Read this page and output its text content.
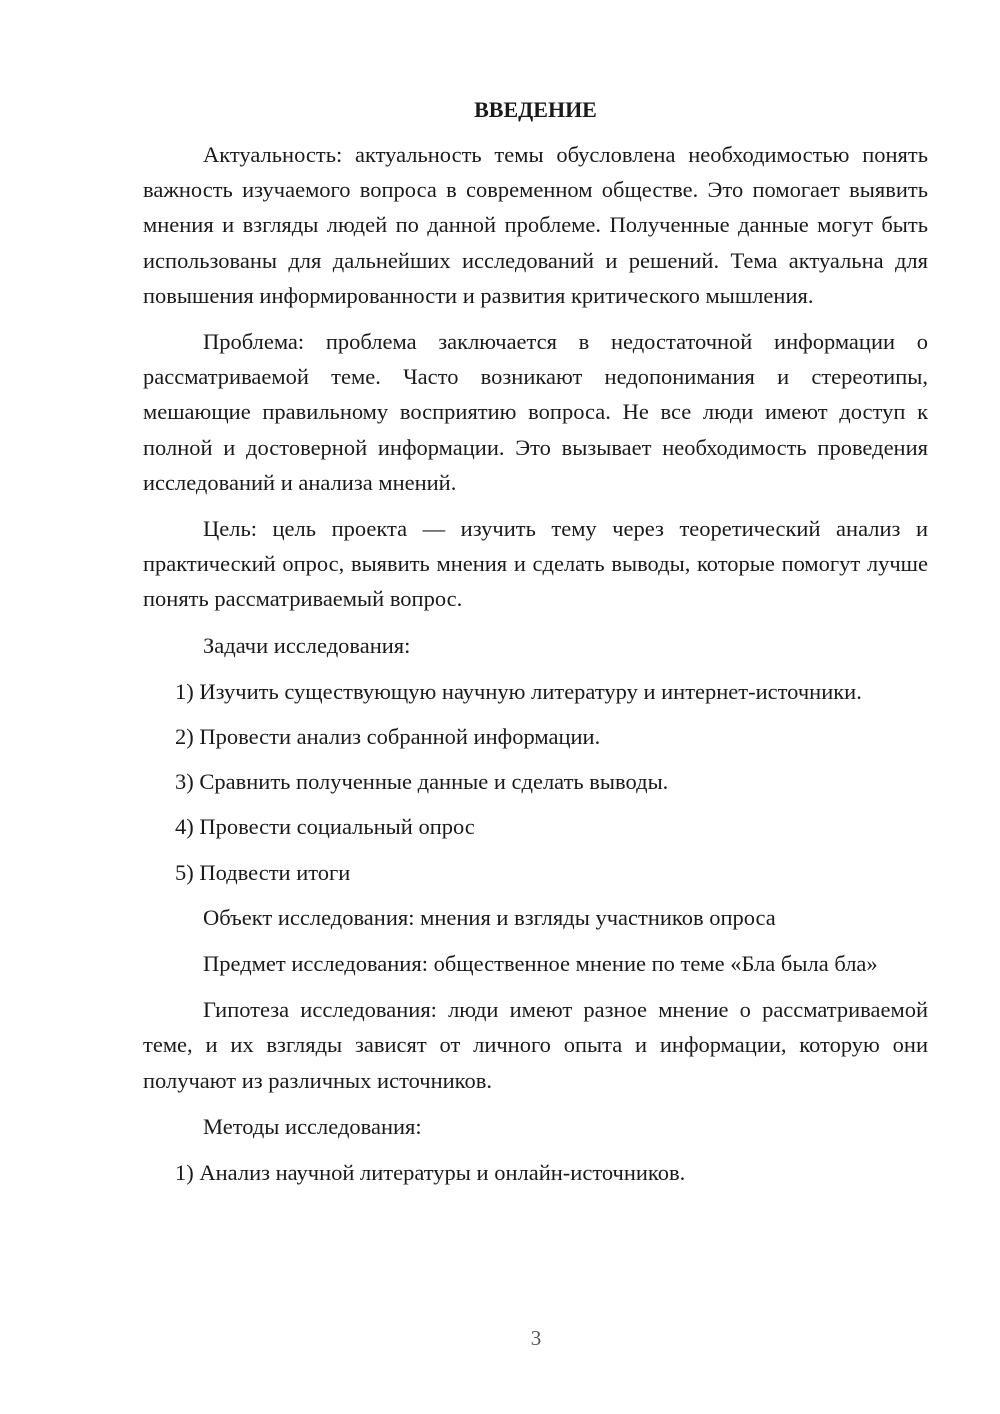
ВВЕДЕНИЕ

Актуальность: актуальность темы обусловлена необходимостью понять важность изучаемого вопроса в современном обществе. Это помогает выявить мнения и взгляды людей по данной проблеме. Полученные данные могут быть использованы для дальнейших исследований и решений. Тема актуальна для повышения информированности и развития критического мышления.

Проблема: проблема заключается в недостаточной информации о рассматриваемой теме. Часто возникают недопонимания и стереотипы, мешающие правильному восприятию вопроса. Не все люди имеют доступ к полной и достоверной информации. Это вызывает необходимость проведения исследований и анализа мнений.

Цель: цель проекта — изучить тему через теоретический анализ и практический опрос, выявить мнения и сделать выводы, которые помогут лучше понять рассматриваемый вопрос.

Задачи исследования:

1) Изучить существующую научную литературу и интернет-источники.

2) Провести анализ собранной информации.

3) Сравнить полученные данные и сделать выводы.

4) Провести социальный опрос

5) Подвести итоги

Объект исследования: мнения и взгляды участников опроса

Предмет исследования: общественное мнение по теме «Бла была бла»

Гипотеза исследования: люди имеют разное мнение о рассматриваемой теме, и их взгляды зависят от личного опыта и информации, которую они получают из различных источников.

Методы исследования:

1) Анализ научной литературы и онлайн-источников.

3
